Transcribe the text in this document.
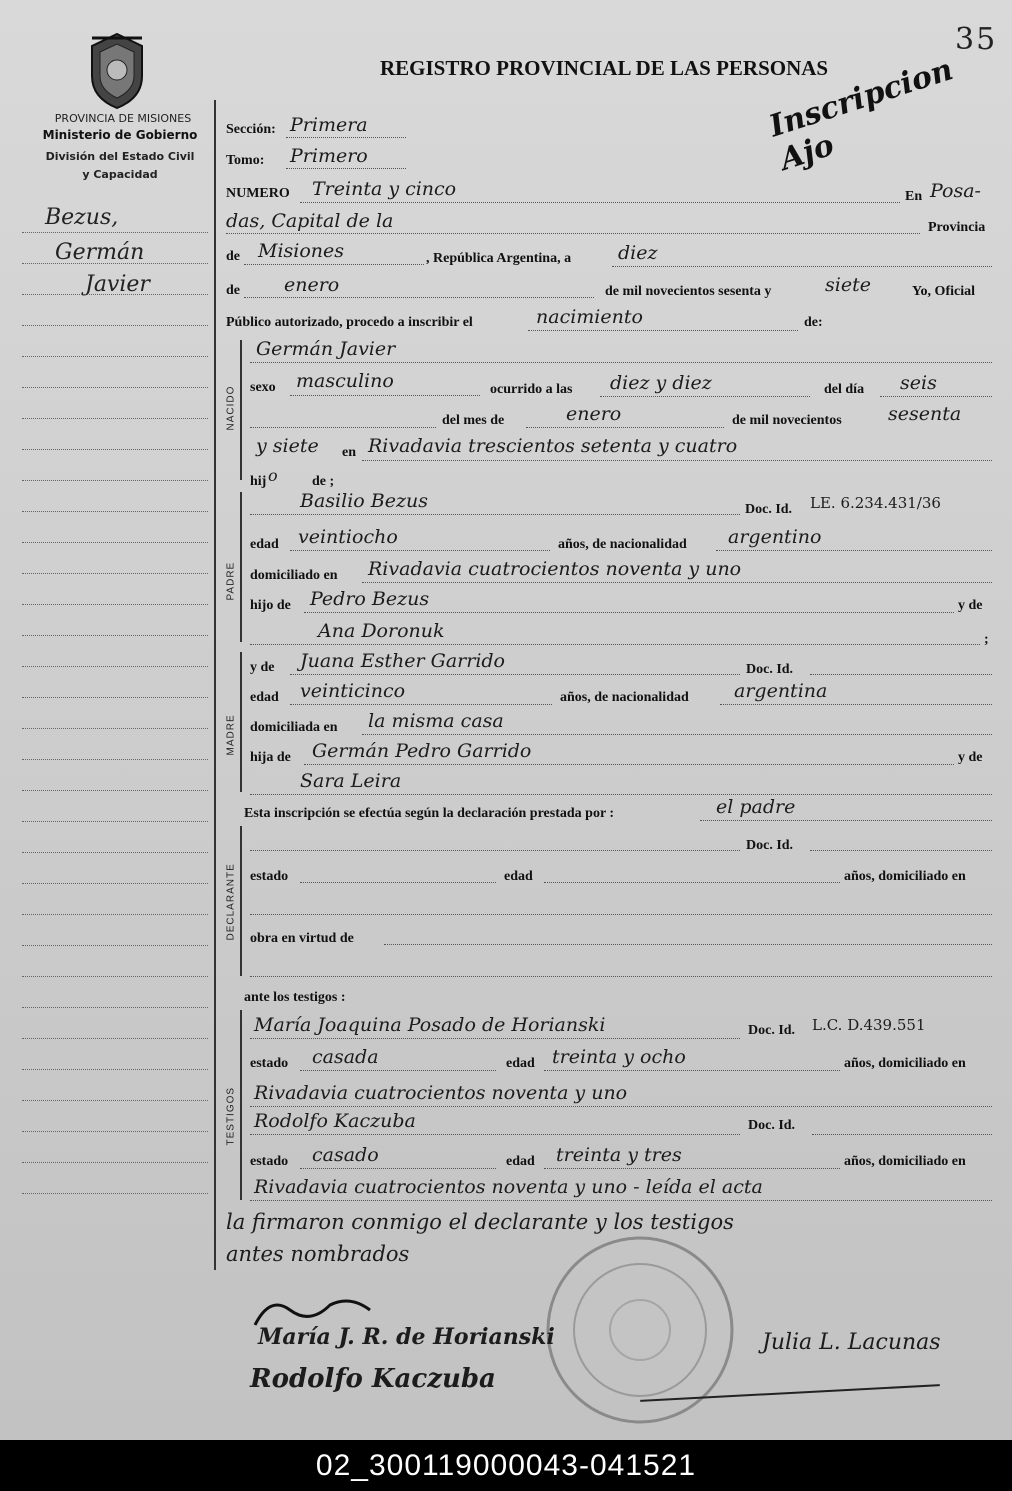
35
REGISTRO PROVINCIAL DE LAS PERSONAS
Inscripcion Ajo
PROVINCIA DE MISIONES
Ministerio de Gobierno
División del Estado Civil
y Capacidad
Bezus,
Germán
Javier
Sección: Primera
Tomo: Primero
NUMERO Treinta y cinco	En Posa-
das, Capital de la	Provincia
de Misiones	, República Argentina, a diez
de enero	de mil novecientos sesenta y	siete	Yo, Oficial
Público autorizado, procedo a inscribir el	nacimiento	de:
NACIDO
Germán Javier
sexo masculino	ocurrido a las diez y diez	del día seis
del mes de	enero	de mil novecientos sesenta
y siete en Rivadavia trescientos setenta y cuatro
hij o de ;
PADRE
Basilio Bezus	Doc. Id. LE. 6.234.431/36
edad veintiocho	años, de nacionalidad argentino
domiciliado en Rivadavia cuatrocientos noventa y uno
hijo de Pedro Bezus	y de
Ana Doronuk	;
MADRE
y de Juana Esther Garrido	Doc. Id.
edad veinticinco	años, de nacionalidad argentina
domiciliada en la misma casa
hija de Germán Pedro Garrido	y de
Sara Leira
Esta inscripción se efectúa según la declaración prestada por :	el padre
DECLARANTE
Doc. Id.
estado	edad	años, domiciliado en
obra en virtud de
ante los testigos :
TESTIGOS
María Joaquina Posado de Horianski	Doc. Id. L.C. D.439.551
estado casada	edad treinta y ocho	años, domiciliado en
Rivadavia cuatrocientos noventa y uno
Rodolfo Kaczuba	Doc. Id.
estado casado	edad treinta y tres	años, domiciliado en
Rivadavia cuatrocientos noventa y uno - leída el acta
la firmaron conmigo el declarante y los testigos
antes nombrados
María J. R. de Horianski
Rodolfo Kaczuba
Julia L. Lacunas
02_300119000043-041521
